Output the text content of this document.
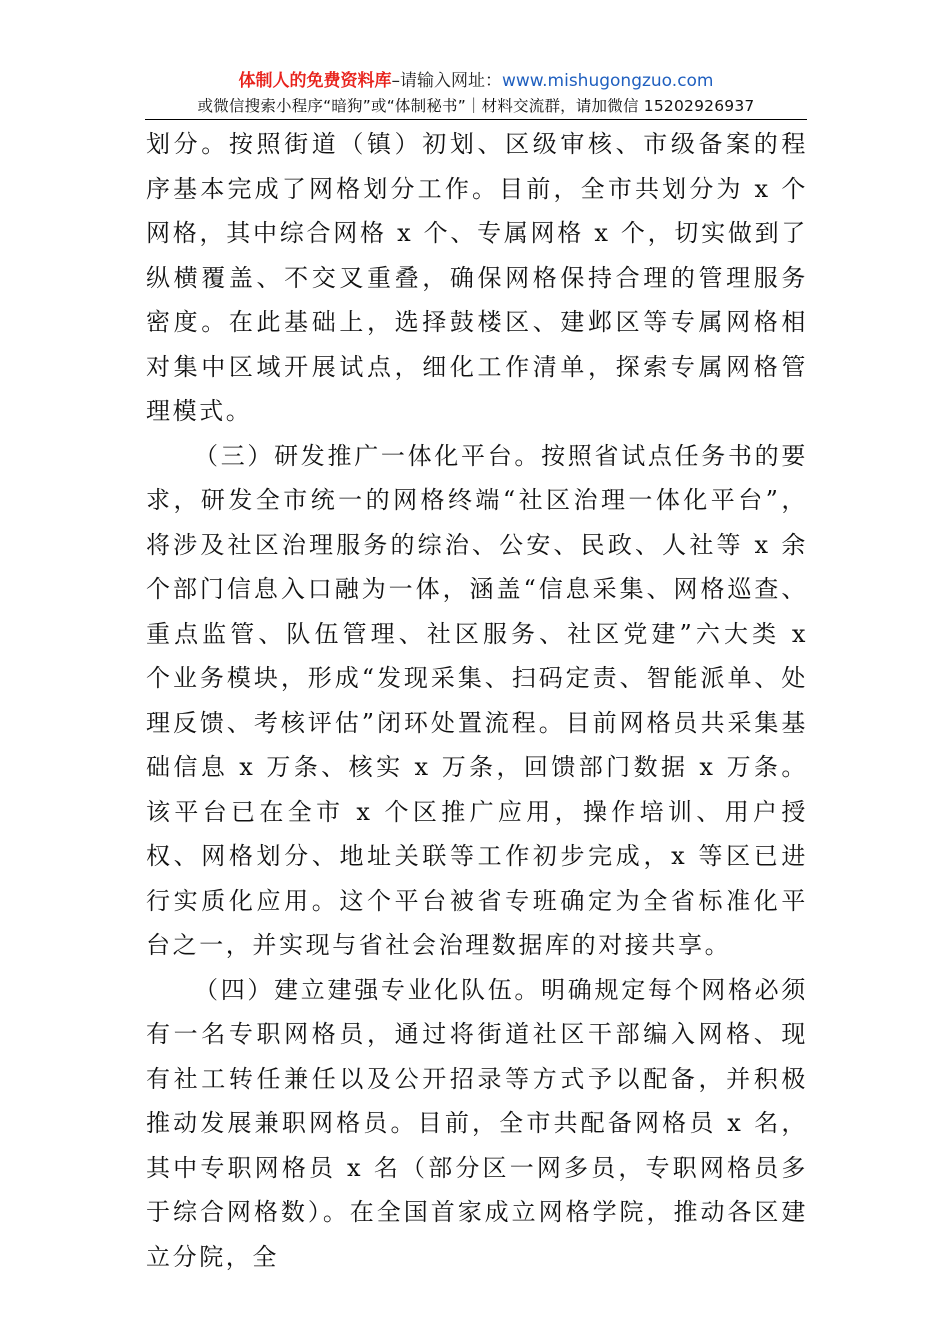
体制人的免费资料库–请输入网址：www.mishugongzuo.com
或微信搜索小程序“暗狗”或“体制秘书”｜材料交流群，请加微信 15202926937

划分。按照街道（镇）初划、区级审核、市级备案的程序基本完成了网格划分工作。目前，全市共划分为 x 个网格，其中综合网格 x 个、专属网格 x 个，切实做到了纵横覆盖、不交叉重叠，确保网格保持合理的管理服务密度。在此基础上，选择鼓楼区、建邺区等专属网格相对集中区域开展试点，细化工作清单，探索专属网格管理模式。

（三）研发推广一体化平台。按照省试点任务书的要求，研发全市统一的网格终端“社区治理一体化平台”，将涉及社区治理服务的综治、公安、民政、人社等 x 余个部门信息入口融为一体，涵盖“信息采集、网格巡查、重点监管、队伍管理、社区服务、社区党建”六大类 x 个业务模块，形成“发现采集、扫码定责、智能派单、处理反馈、考核评估”闭环处置流程。目前网格员共采集基础信息 x 万条、核实 x 万条，回馈部门数据 x 万条。该平台已在全市 x 个区推广应用，操作培训、用户授权、网格划分、地址关联等工作初步完成，x 等区已进行实质化应用。这个平台被省专班确定为全省标准化平台之一，并实现与省社会治理数据库的对接共享。

（四）建立建强专业化队伍。明确规定每个网格必须有一名专职网格员，通过将街道社区干部编入网格、现有社工转任兼任以及公开招录等方式予以配备，并积极推动发展兼职网格员。目前，全市共配备网格员 x 名，其中专职网格员 x 名（部分区一网多员，专职网格员多于综合网格数）。在全国首家成立网格学院，推动各区建立分院，全
